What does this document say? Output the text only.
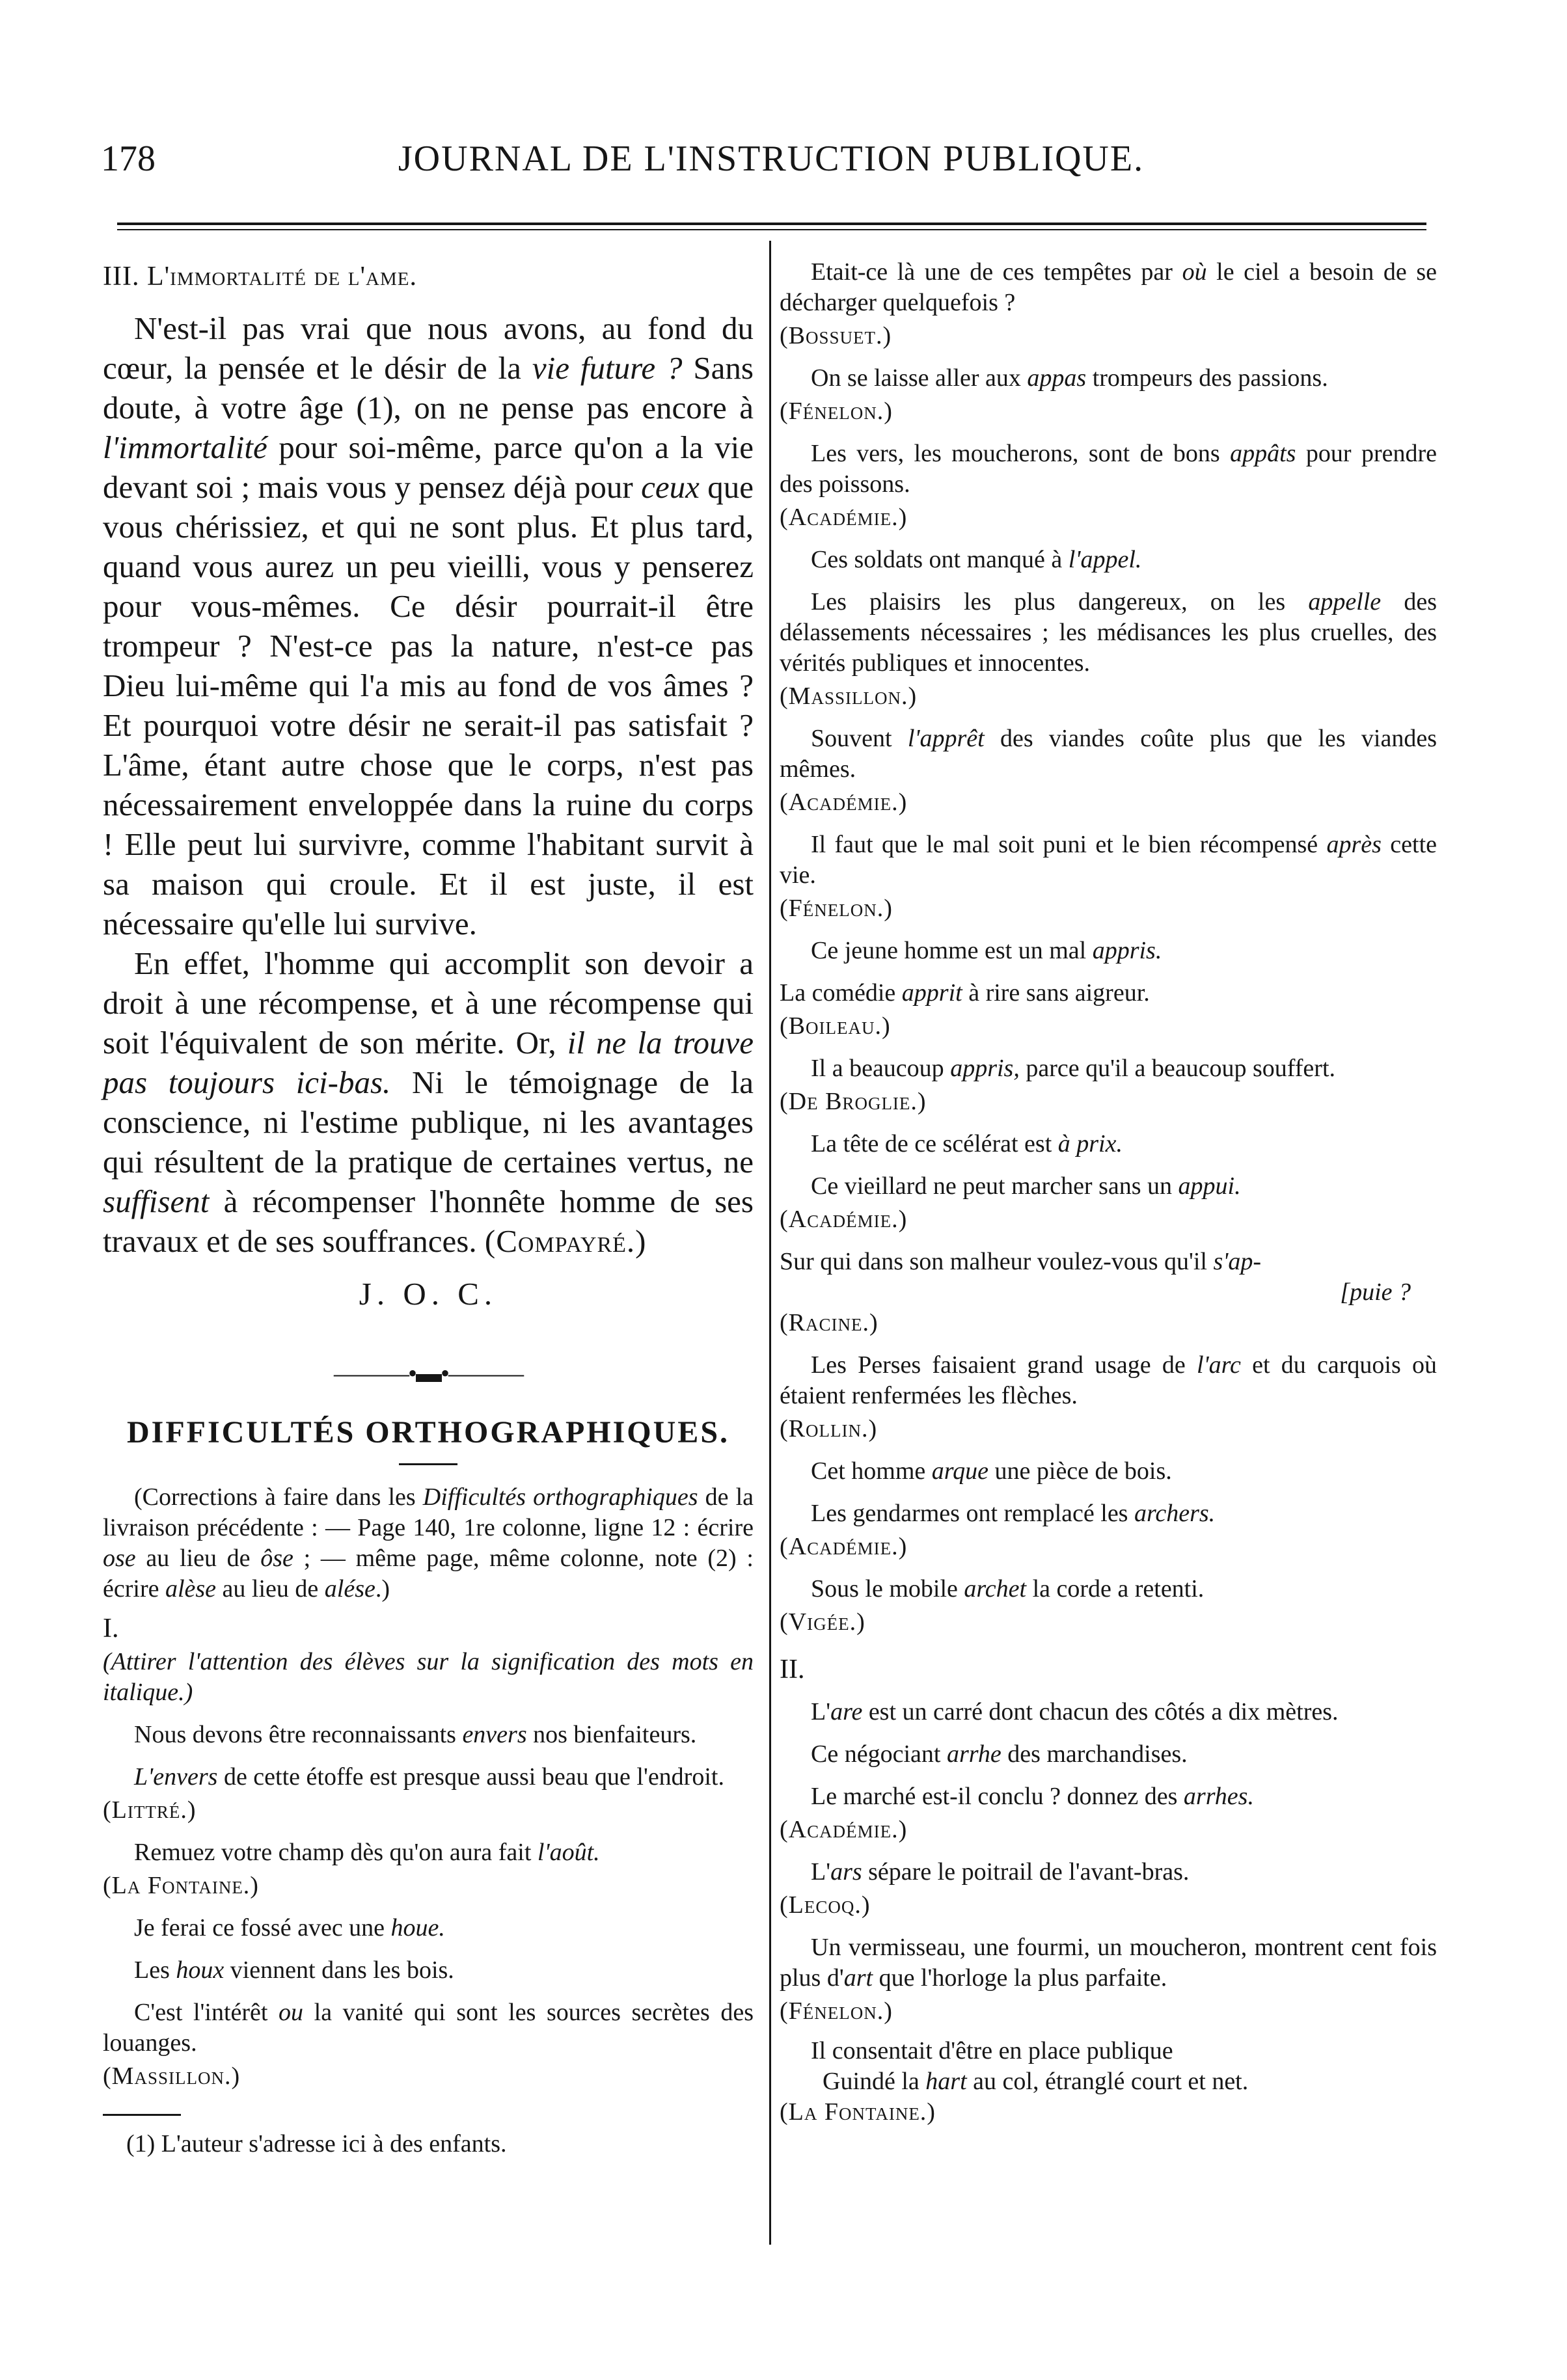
178	JOURNAL DE L'INSTRUCTION PUBLIQUE.

III. L'immortalité de l'ame.

N'est-il pas vrai que nous avons, au fond du cœur, la pensée et le désir de la vie future ? Sans doute, à votre âge (1), on ne pense pas encore à l'immortalité pour soi-même, parce qu'on a la vie devant soi ; mais vous y pensez déjà pour ceux que vous chérissiez, et qui ne sont plus. Et plus tard, quand vous aurez un peu vieilli, vous y penserez pour vous-mêmes. Ce désir pourrait-il être trompeur ? N'est-ce pas la nature, n'est-ce pas Dieu lui-même qui l'a mis au fond de vos âmes ? Et pourquoi votre désir ne serait-il pas satisfait ? L'âme, étant autre chose que le corps, n'est pas nécessairement enveloppée dans la ruine du corps ! Elle peut lui survivre, comme l'habitant survit à sa maison qui croule. Et il est juste, il est nécessaire qu'elle lui survive.

En effet, l'homme qui accomplit son devoir a droit à une récompense, et à une récompense qui soit l'équivalent de son mérite. Or, il ne la trouve pas toujours ici-bas. Ni le témoignage de la conscience, ni l'estime publique, ni les avantages qui résultent de la pratique de certaines vertus, ne suffisent à récompenser l'honnête homme de ses travaux et de ses souffrances. (Compayré.)

J. O. C.

———•▬•———

DIFFICULTÉS ORTHOGRAPHIQUES.

(Corrections à faire dans les Difficultés orthographiques de la livraison précédente : — Page 140, 1re colonne, ligne 12 : écrire ose au lieu de ôse ; — même page, même colonne, note (2) : écrire alèse au lieu de alése.)

I.

(Attirer l'attention des élèves sur la signification des mots en italique.)

Nous devons être reconnaissants envers nos bienfaiteurs.

L'envers de cette étoffe est presque aussi beau que l'endroit.

(Littré.)

Remuez votre champ dès qu'on aura fait l'août.

(La Fontaine.)

Je ferai ce fossé avec une houe.

Les houx viennent dans les bois.

C'est l'intérêt ou la vanité qui sont les sources secrètes des louanges.

(Massillon.)

(1) L'auteur s'adresse ici à des enfants.

Etait-ce là une de ces tempêtes par où le ciel a besoin de se décharger quelquefois ?

(Bossuet.)

On se laisse aller aux appas trompeurs des passions.

(Fénelon.)

Les vers, les moucherons, sont de bons appâts pour prendre des poissons.

(Académie.)

Ces soldats ont manqué à l'appel.

Les plaisirs les plus dangereux, on les appelle des délassements nécessaires ; les médisances les plus cruelles, des vérités publiques et innocentes.

(Massillon.)

Souvent l'apprêt des viandes coûte plus que les viandes mêmes.

(Académie.)

Il faut que le mal soit puni et le bien récompensé après cette vie.

(Fénelon.)

Ce jeune homme est un mal appris.

La comédie apprit à rire sans aigreur.

(Boileau.)

Il a beaucoup appris, parce qu'il a beaucoup souffert.

(De Broglie.)

La tête de ce scélérat est à prix.

Ce vieillard ne peut marcher sans un appui.

(Académie.)

Sur qui dans son malheur voulez-vous qu'il s'ap-

[puie ?

(Racine.)

Les Perses faisaient grand usage de l'arc et du carquois où étaient renfermées les flèches.

(Rollin.)

Cet homme arque une pièce de bois.

Les gendarmes ont remplacé les archers.

(Académie.)

Sous le mobile archet la corde a retenti.

(Vigée.)

II.

L'are est un carré dont chacun des côtés a dix mètres.

Ce négociant arrhe des marchandises.

Le marché est-il conclu ? donnez des arrhes.

(Académie.)

L'ars sépare le poitrail de l'avant-bras.

(Lecoq.)

Un vermisseau, une fourmi, un moucheron, montrent cent fois plus d'art que l'horloge la plus parfaite.

(Fénelon.)

Il consentait d'être en place publique

Guindé la hart au col, étranglé court et net.

(La Fontaine.)
